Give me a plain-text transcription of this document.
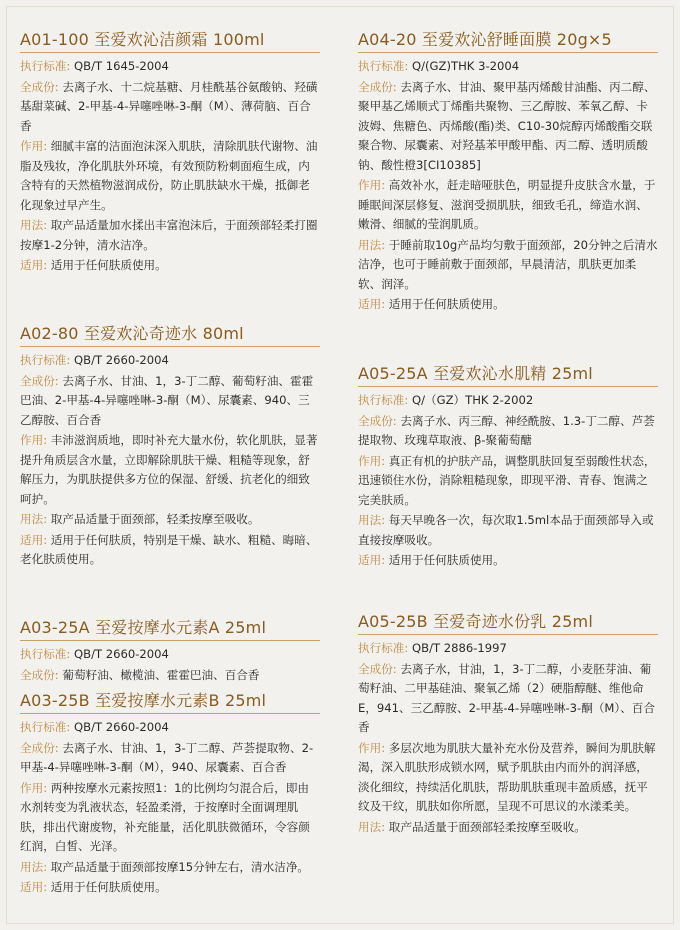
A01-100 至爱欢沁洁颜霜 100ml
执行标准: QB/T 1645-2004
全成份: 去离子水、十二烷基糖、月桂酰基谷氨酸钠、羟磺基甜菜碱、2-甲基-4-异噻唑啉-3-酮（M）、薄荷脑、百合香
作用: 细腻丰富的洁面泡沫深入肌肤，清除肌肤代谢物、油脂及残妆，净化肌肤外环境，有效预防粉刺面疱生成，内含特有的天然植物滋润成份，防止肌肤缺水干燥，抵御老化现象过早产生。
用法: 取产品适量加水揉出丰富泡沫后，于面颈部轻柔打圈按摩1-2分钟，清水洁净。
适用: 适用于任何肤质使用。
A02-80 至爱欢沁奇迹水 80ml
执行标准: QB/T 2660-2004
全成份: 去离子水、甘油、1，3-丁二醇、葡萄籽油、霍霍巴油、2-甲基-4-异噻唑啉-3-酮（M）、尿囊素、940、三乙醇胺、百合香
作用: 丰沛滋润质地，即时补充大量水份，软化肌肤，显著提升角质层含水量，立即解除肌肤干燥、粗糙等现象，舒解压力，为肌肤提供多方位的保湿、舒缓、抗老化的细致呵护。
用法: 取产品适量于面颈部，轻柔按摩至吸收。
适用: 适用于任何肤质，特别是干燥、缺水、粗糙、晦暗、老化肤质使用。
A03-25A 至爱按摩水元素A 25ml
执行标准: QB/T 2660-2004
全成份: 葡萄籽油、橄榄油、霍霍巴油、百合香
A03-25B 至爱按摩水元素B 25ml
执行标准: QB/T 2660-2004
全成份: 去离子水、甘油、1，3-丁二醇、芦荟提取物、2-甲基-4-异噻唑啉-3-酮（M），940、尿囊素、百合香
作用: 两种按摩水元素按照1：1的比例均匀混合后，即由水剂转变为乳液状态，轻盈柔滑，于按摩时全面调理肌肤，排出代谢废物，补充能量，活化肌肤微循环，令容颜红润，白皙、光泽。
用法: 取产品适量于面颈部按摩15分钟左右，清水洁净。
适用: 适用于任何肤质使用。
A04-20 至爱欢沁舒睡面膜 20g×5
执行标准: Q/(GZ)THK 3-2004
全成份: 去离子水、甘油、聚甲基丙烯酸甘油酯、丙二醇、聚甲基乙烯顺式丁烯酯共聚物、三乙醇胺、苯氧乙醇、卡波姆、焦糖色、丙烯酸(酯)类、C10-30烷醇丙烯酸酯交联聚合物、尿囊素、对羟基苯甲酸甲酯、丙二醇、透明质酸钠、酸性橙3[CI10385]
作用: 高效补水，赶走暗哑肤色，明显提升皮肤含水量，于睡眠间深层修复、滋润受损肌肤，细致毛孔，缔造水润、嫩滑、细腻的莹润肌质。
用法: 于睡前取10g产品均匀敷于面颈部，20分钟之后清水洁净，也可于睡前敷于面颈部，早晨清洁，肌肤更加柔软、润泽。
适用: 适用于任何肤质使用。
A05-25A 至爱欢沁水肌精 25ml
执行标准: Q/（GZ）THK 2-2002
全成份: 去离子水、丙三醇、神经酰胺、1.3-丁二醇、芦荟提取物、玫瑰草取液、β-聚葡萄醣
作用: 真正有机的护肤产品，调整肌肤回复至弱酸性状态，迅速锁住水份，消除粗糙现象，即现平滑、青春、饱满之完美肤质。
用法: 每天早晚各一次，每次取1.5ml本品于面颈部导入或直接按摩吸收。
适用: 适用于任何肤质使用。
A05-25B 至爱奇迹水份乳 25ml
执行标准: QB/T 2886-1997
全成份: 去离子水，甘油，1，3-丁二醇，小麦胚芽油、葡萄籽油、二甲基硅油、聚氧乙烯（2）硬脂醇醚、维他命E，941、三乙醇胺、2-甲基-4-异噻唑啉-3-酮（M）、百合香
作用: 多层次地为肌肤大量补充水份及营养，瞬间为肌肤解渴，深入肌肤形成锁水网，赋予肌肤由内而外的润泽感，淡化细纹，持续活化肌肤，帮助肌肤重现丰盈质感，抚平纹及干纹，肌肤如你所愿，呈现不可思议的水漾柔美。
用法: 取产品适量于面颈部轻柔按摩至吸收。
